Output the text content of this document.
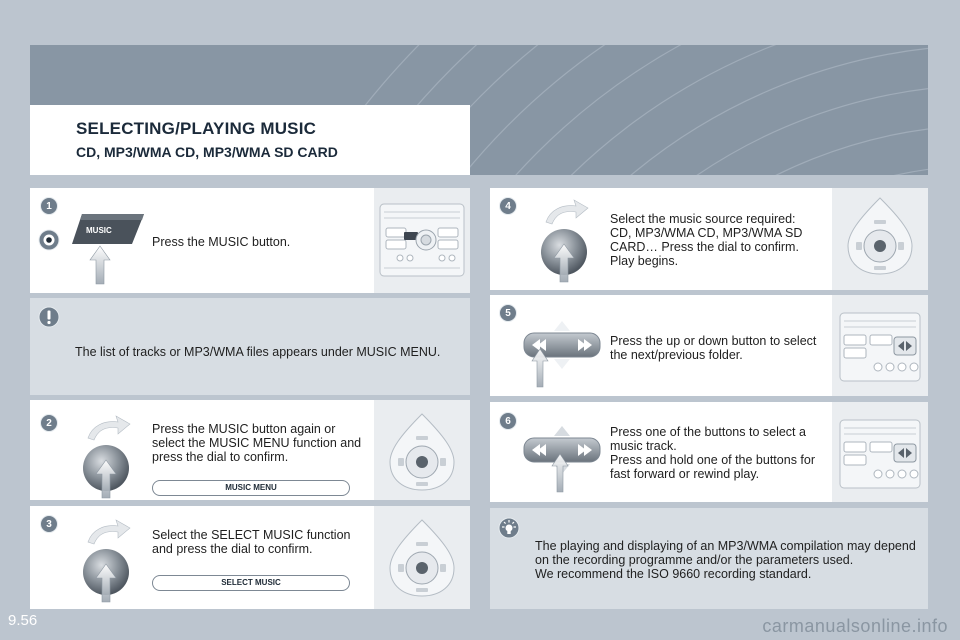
SELECTING/PLAYING MUSIC
CD, MP3/WMA CD, MP3/WMA SD CARD
Press the MUSIC button.
MUSIC
1
The list of tracks or MP3/WMA files appears under MUSIC MENU.
Press the MUSIC button again or
select the MUSIC MENU function and
press the dial to confirm.
MUSIC MENU
2
Select the SELECT MUSIC function
and press the dial to confirm.
SELECT MUSIC
3
Select the music source required:
CD, MP3/WMA CD, MP3/WMA SD
CARD… Press the dial to confirm.
Play begins.
4
Press the up or down button to select
the next/previous folder.
5
Press one of the buttons to select a
music track.
Press and hold one of the buttons for
fast forward or rewind play.
6
The playing and displaying of an MP3/WMA compilation may depend
on the recording programme and/or the parameters used.
We recommend the ISO 9660 recording standard.
9.56	carmanualsonline.info
